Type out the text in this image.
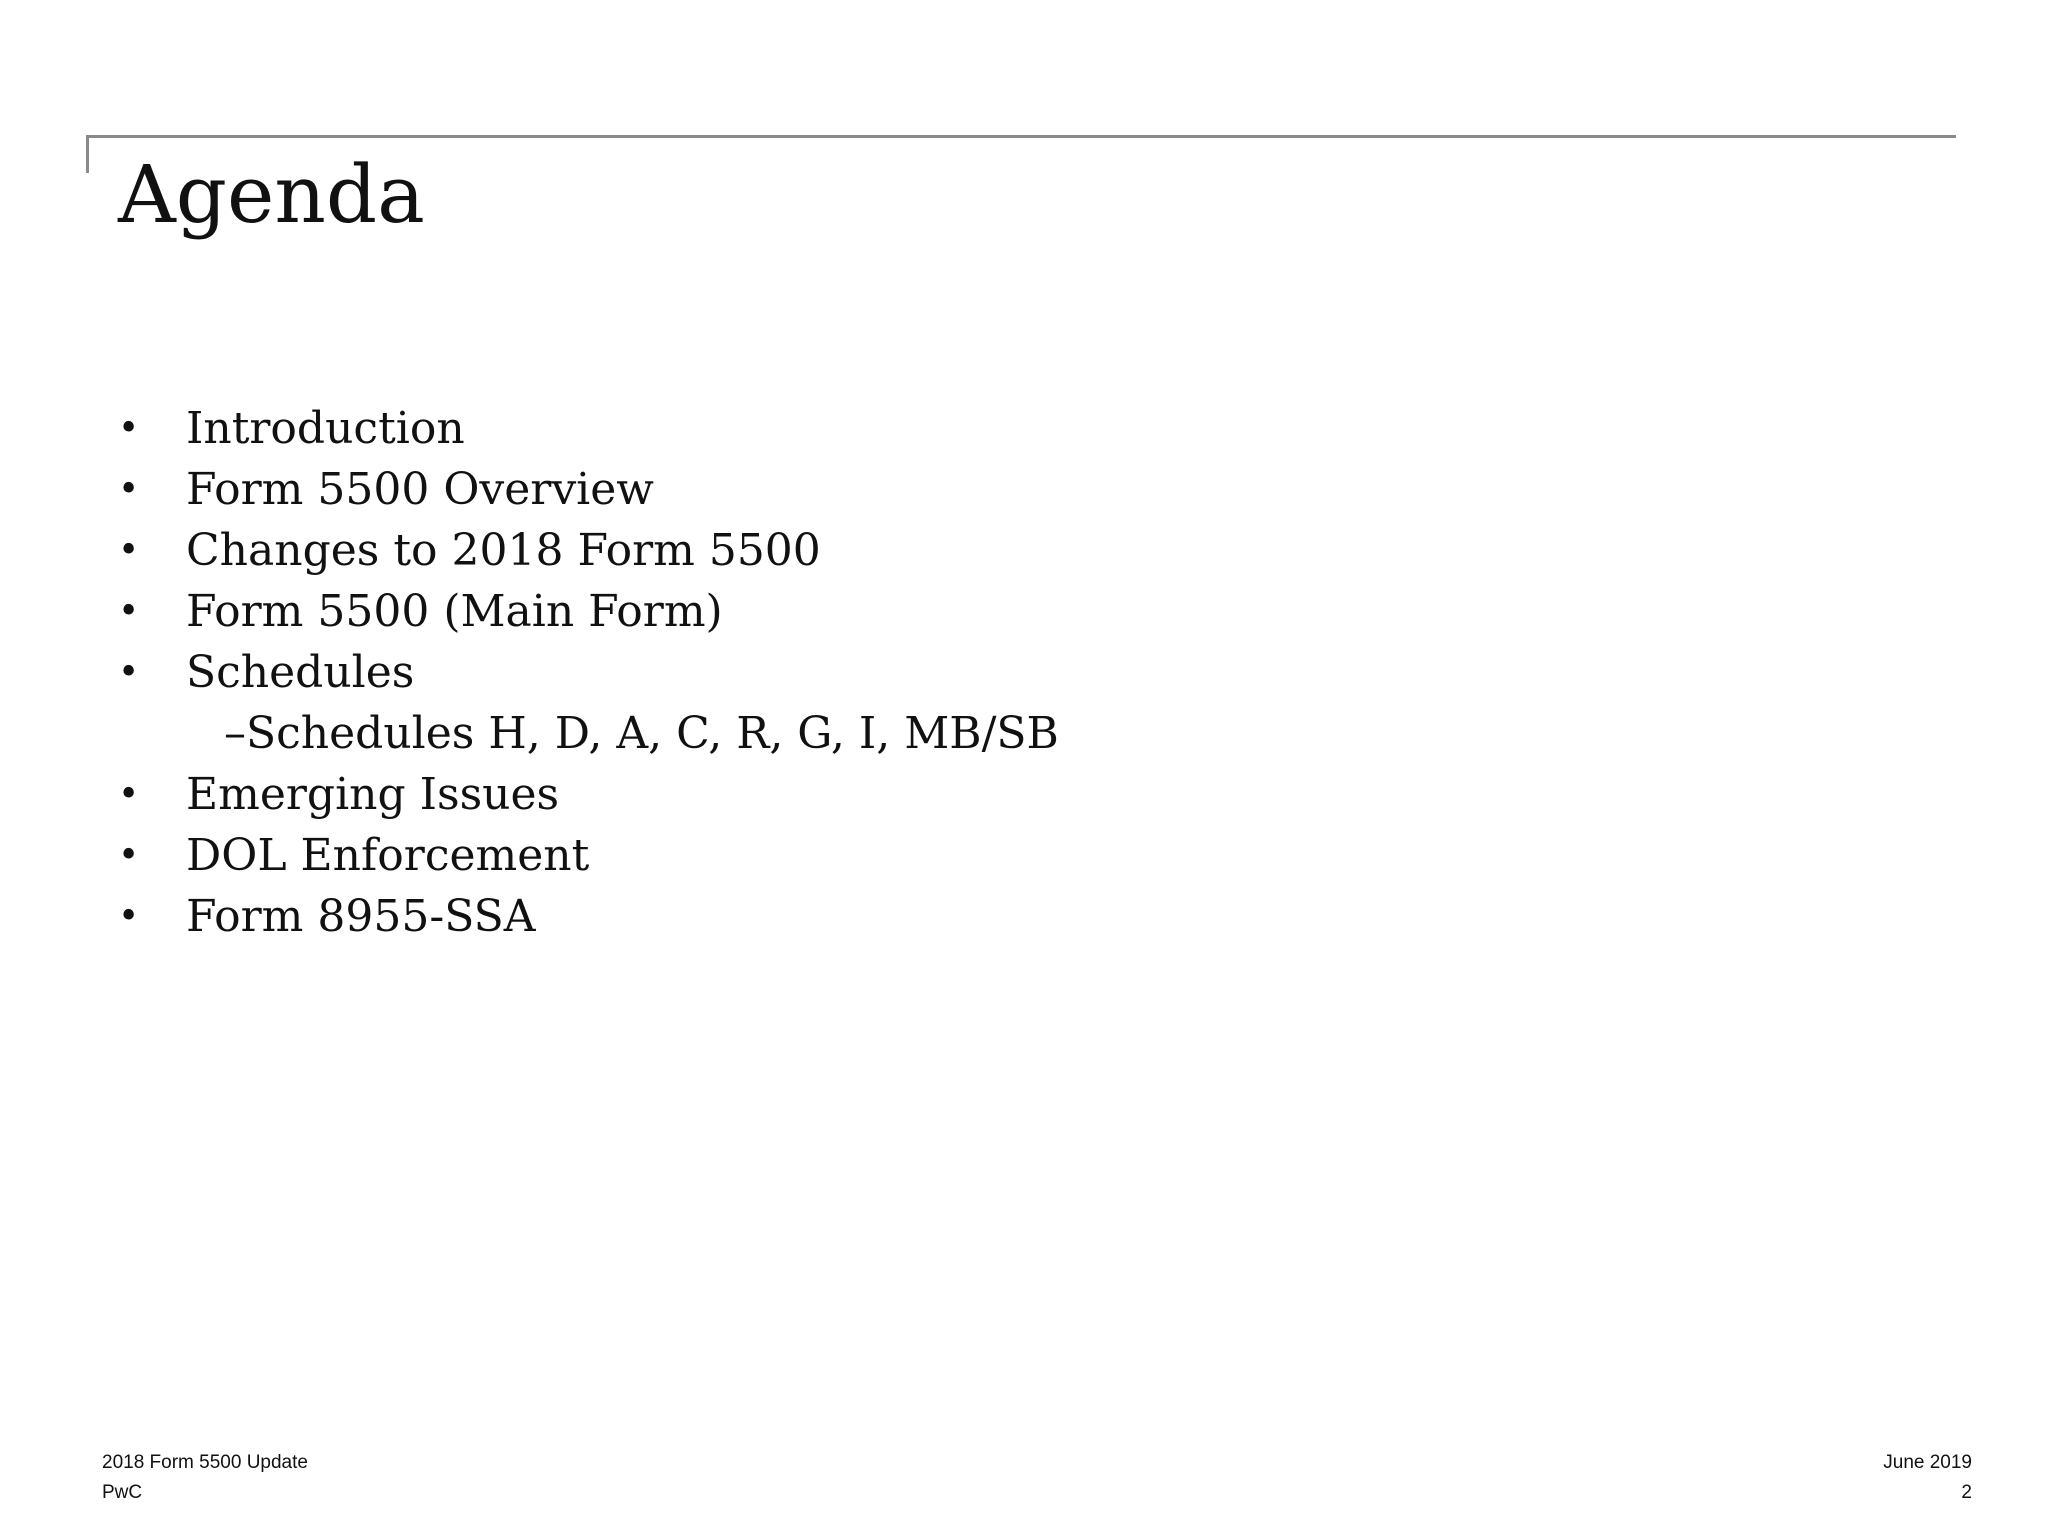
Agenda
•	Introduction
•	Form 5500 Overview
•	Changes to 2018 Form 5500
•	Form 5500 (Main Form)
•	Schedules
–Schedules H, D, A, C, R, G, I, MB/SB
•	Emerging Issues
•	DOL Enforcement
•	Form 8955-SSA
2018 Form 5500 Update
PwC
June 2019
2
